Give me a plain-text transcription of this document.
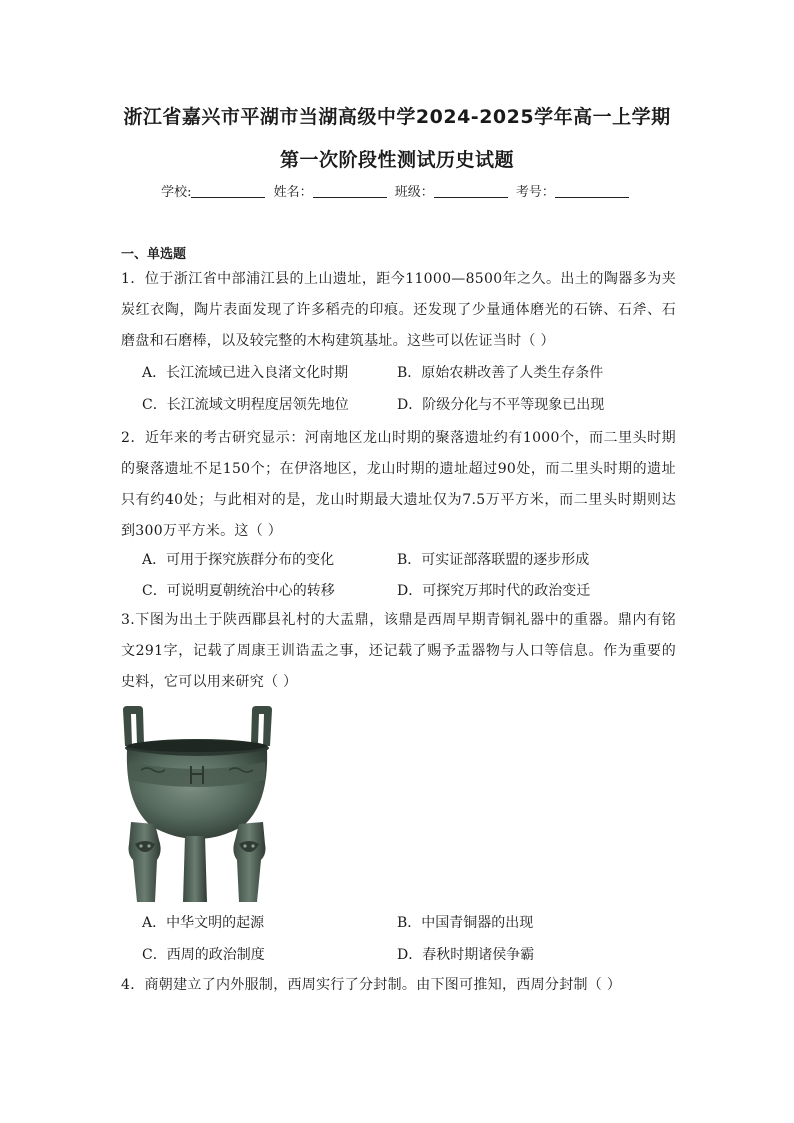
浙江省嘉兴市平湖市当湖高级中学2024-2025学年高一上学期
第一次阶段性测试历史试题
学校:	姓名：	班级：	考号：
一、单选题
1．位于浙江省中部浦江县的上山遗址，距今11000—8500年之久。出土的陶器多为夹炭红衣陶，陶片表面发现了许多稻壳的印痕。还发现了少量通体磨光的石锛、石斧、石磨盘和石磨棒，以及较完整的木构建筑基址。这些可以佐证当时（ ）
A．长江流域已进入良渚文化时期	B．原始农耕改善了人类生存条件
C．长江流域文明程度居领先地位	D．阶级分化与不平等现象已出现
2．近年来的考古研究显示：河南地区龙山时期的聚落遗址约有1000个，而二里头时期的聚落遗址不足150个；在伊洛地区，龙山时期的遗址超过90处，而二里头时期的遗址只有约40处；与此相对的是，龙山时期最大遗址仅为7.5万平方米，而二里头时期则达到300万平方米。这（ ）
A．可用于探究族群分布的变化	B．可实证部落联盟的逐步形成
C．可说明夏朝统治中心的转移	D．可探究万邦时代的政治变迁
3.下图为出土于陕西郿县礼村的大盂鼎，该鼎是西周早期青铜礼器中的重器。鼎内有铭文291字，记载了周康王训诰盂之事，还记载了赐予盂器物与人口等信息。作为重要的史料，它可以用来研究（ ）
A．中华文明的起源	B．中国青铜器的出现
C．西周的政治制度	D．春秋时期诸侯争霸
4．商朝建立了内外服制，西周实行了分封制。由下图可推知，西周分封制（ ）
